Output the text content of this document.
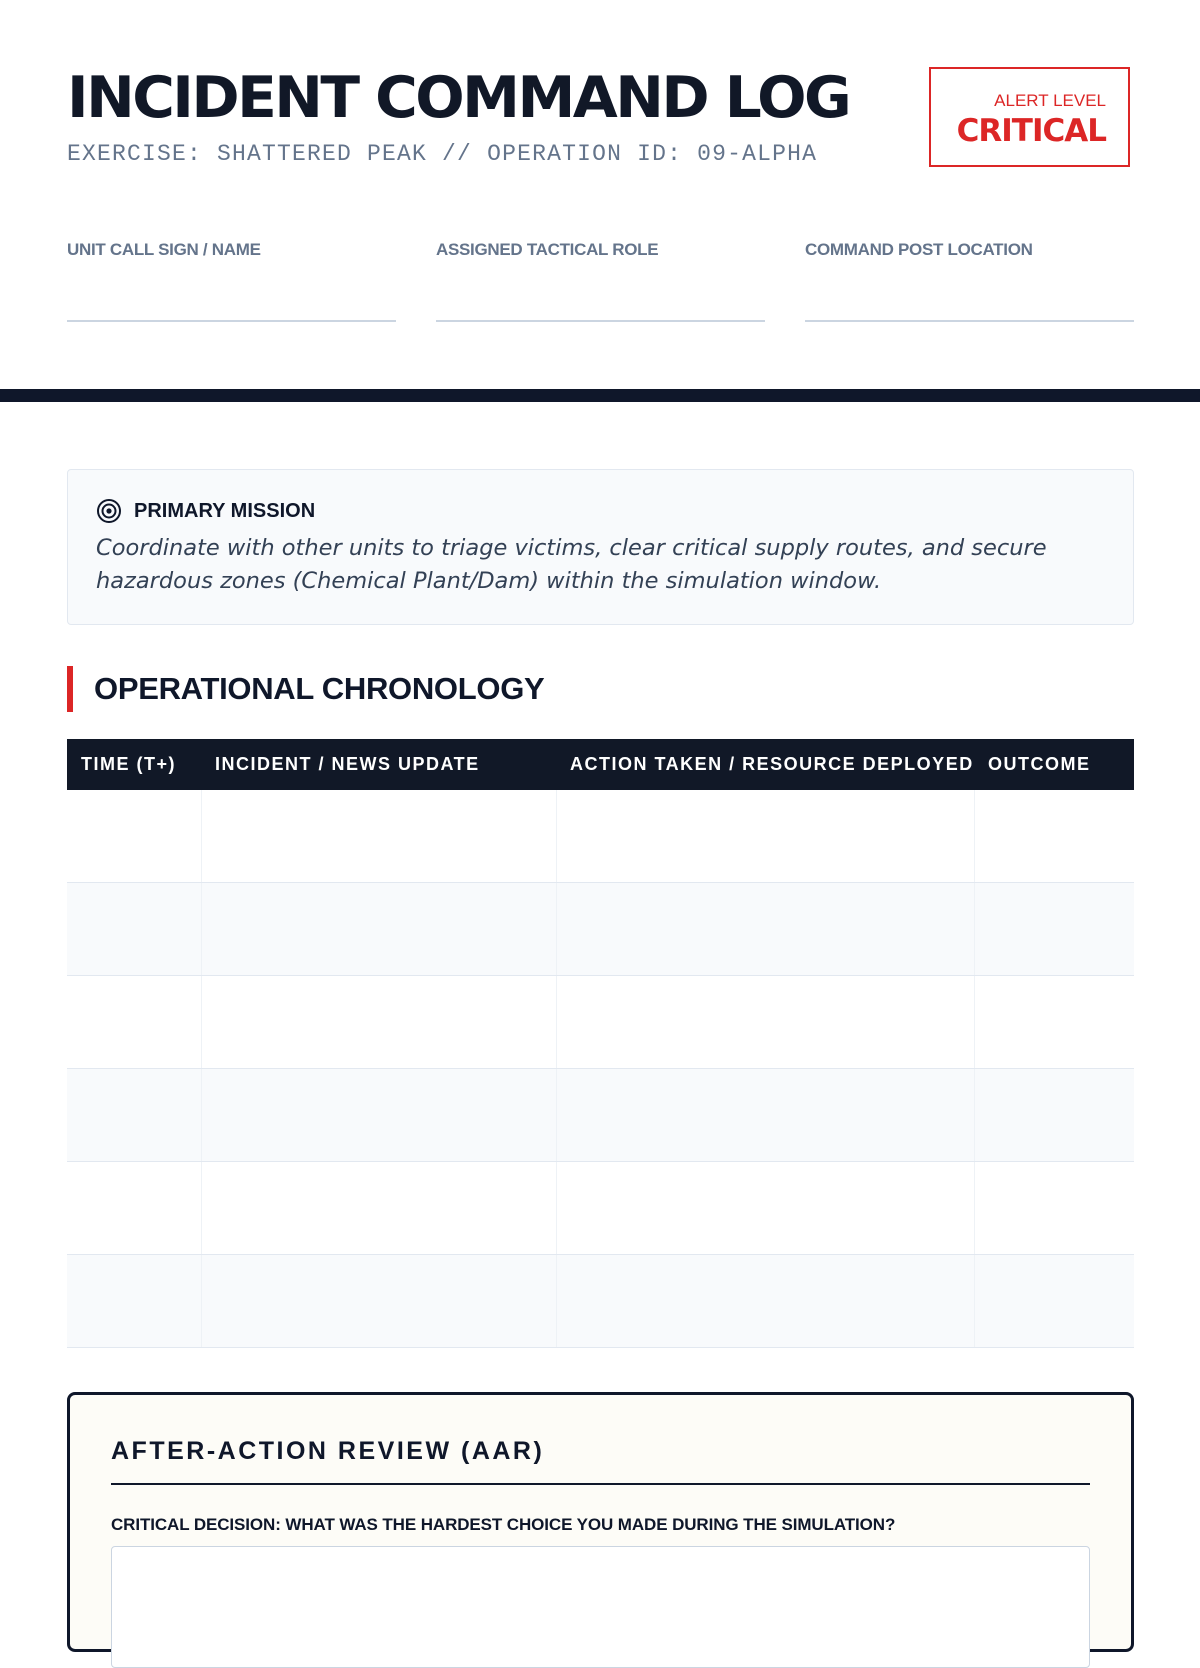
INCIDENT COMMAND LOG
EXERCISE: SHATTERED PEAK // OPERATION ID: 09-ALPHA
ALERT LEVEL
CRITICAL
UNIT CALL SIGN / NAME	ASSIGNED TACTICAL ROLE	COMMAND POST LOCATION
PRIMARY MISSION
Coordinate with other units to triage victims, clear critical supply routes, and secure hazardous zones (Chemical Plant/Dam) within the simulation window.
OPERATIONAL CHRONOLOGY
TIME (T+)	INCIDENT / NEWS UPDATE	ACTION TAKEN / RESOURCE DEPLOYED	OUTCOME

AFTER-ACTION REVIEW (AAR)
CRITICAL DECISION: WHAT WAS THE HARDEST CHOICE YOU MADE DURING THE SIMULATION?
